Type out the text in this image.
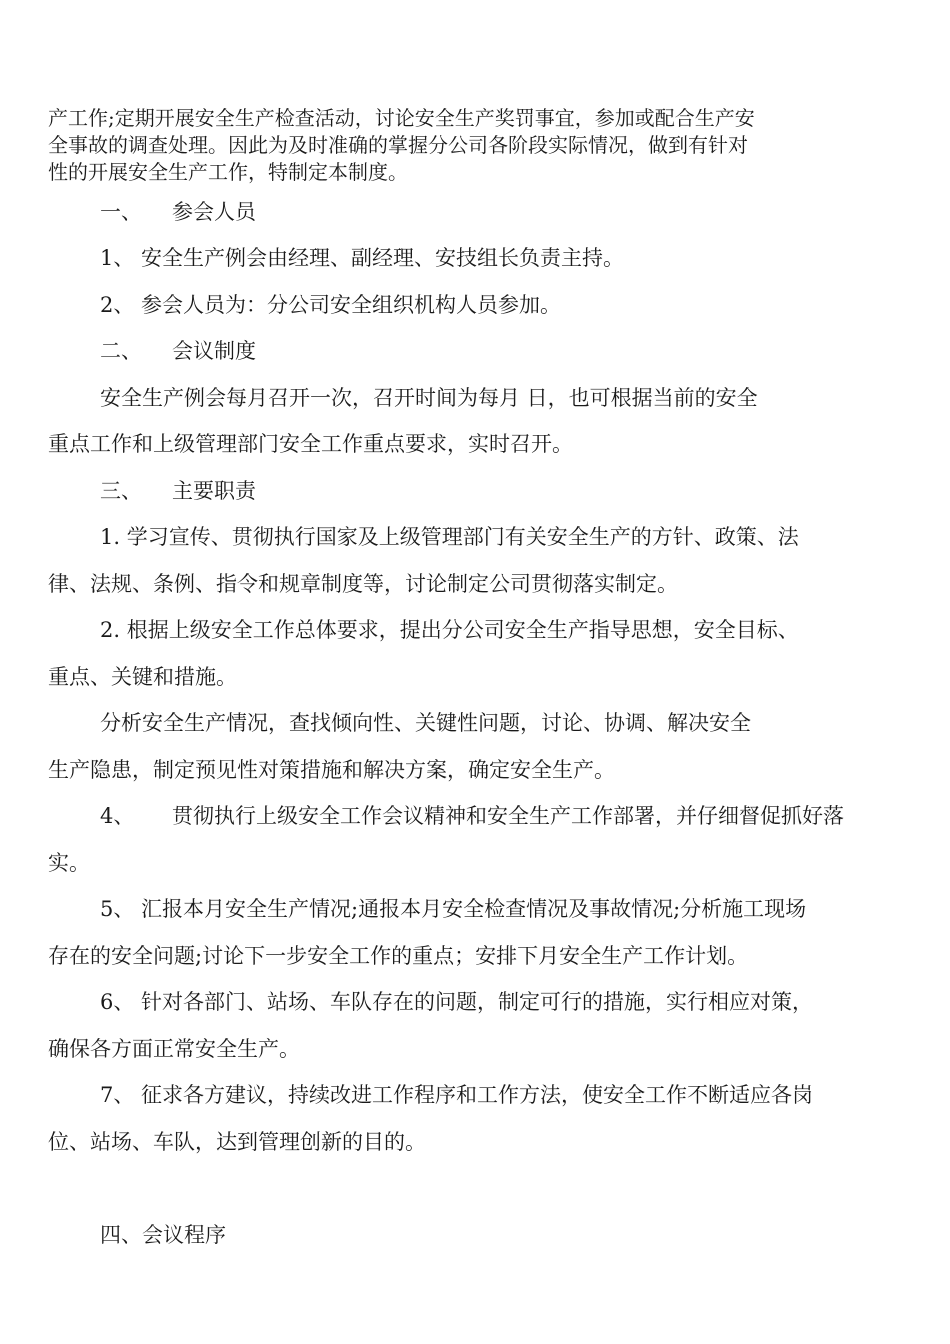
产工作;定期开展安全生产检查活动，讨论安全生产奖罚事宜，参加或配合生产安
全事故的调查处理。因此为及时准确的掌握分公司各阶段实际情况，做到有针对
性的开展安全生产工作，特制定本制度。
一、 参会人员
1、 安全生产例会由经理、副经理、安技组长负责主持。
2、 参会人员为：分公司安全组织机构人员参加。
二、 会议制度
安全生产例会每月召开一次，召开时间为每月 日，也可根据当前的安全
重点工作和上级管理部门安全工作重点要求，实时召开。
三、 主要职责
1. 学习宣传、贯彻执行国家及上级管理部门有关安全生产的方针、政策、法
律、法规、条例、指令和规章制度等，讨论制定公司贯彻落实制定。
2. 根据上级安全工作总体要求，提出分公司安全生产指导思想，安全目标、
重点、关键和措施。
分析安全生产情况，查找倾向性、关键性问题，讨论、协调、解决安全
生产隐患，制定预见性对策措施和解决方案，确定安全生产。
4、 贯彻执行上级安全工作会议精神和安全生产工作部署，并仔细督促抓好落
实。
5、 汇报本月安全生产情况;通报本月安全检查情况及事故情况;分析施工现场
存在的安全问题;讨论下一步安全工作的重点；安排下月安全生产工作计划。
6、 针对各部门、站场、车队存在的问题，制定可行的措施，实行相应对策，
确保各方面正常安全生产。
7、 征求各方建议，持续改进工作程序和工作方法，使安全工作不断适应各岗
位、站场、车队，达到管理创新的目的。
四、会议程序
